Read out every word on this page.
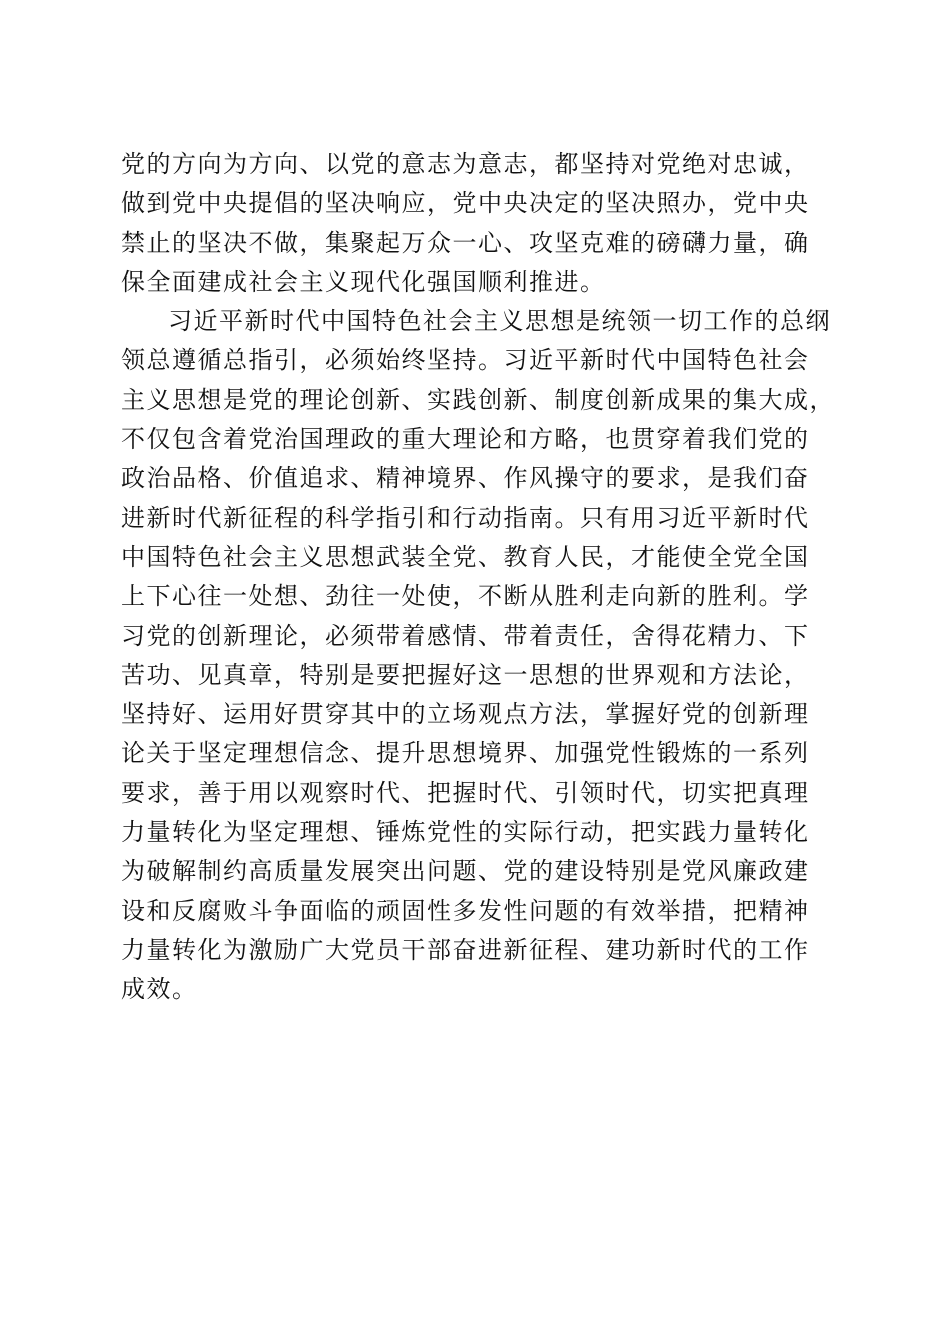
党的方向为方向、以党的意志为意志，都坚持对党绝对忠诚，
做到党中央提倡的坚决响应，党中央决定的坚决照办，党中央
禁止的坚决不做，集聚起万众一心、攻坚克难的磅礴力量，确
保全面建成社会主义现代化强国顺利推进。
习近平新时代中国特色社会主义思想是统领一切工作的总纲
领总遵循总指引，必须始终坚持。习近平新时代中国特色社会
主义思想是党的理论创新、实践创新、制度创新成果的集大成，
不仅包含着党治国理政的重大理论和方略，也贯穿着我们党的
政治品格、价值追求、精神境界、作风操守的要求，是我们奋
进新时代新征程的科学指引和行动指南。只有用习近平新时代
中国特色社会主义思想武装全党、教育人民，才能使全党全国
上下心往一处想、劲往一处使，不断从胜利走向新的胜利。学
习党的创新理论，必须带着感情、带着责任，舍得花精力、下
苦功、见真章，特别是要把握好这一思想的世界观和方法论，
坚持好、运用好贯穿其中的立场观点方法，掌握好党的创新理
论关于坚定理想信念、提升思想境界、加强党性锻炼的一系列
要求，善于用以观察时代、把握时代、引领时代，切实把真理
力量转化为坚定理想、锤炼党性的实际行动，把实践力量转化
为破解制约高质量发展突出问题、党的建设特别是党风廉政建
设和反腐败斗争面临的顽固性多发性问题的有效举措，把精神
力量转化为激励广大党员干部奋进新征程、建功新时代的工作
成效。
